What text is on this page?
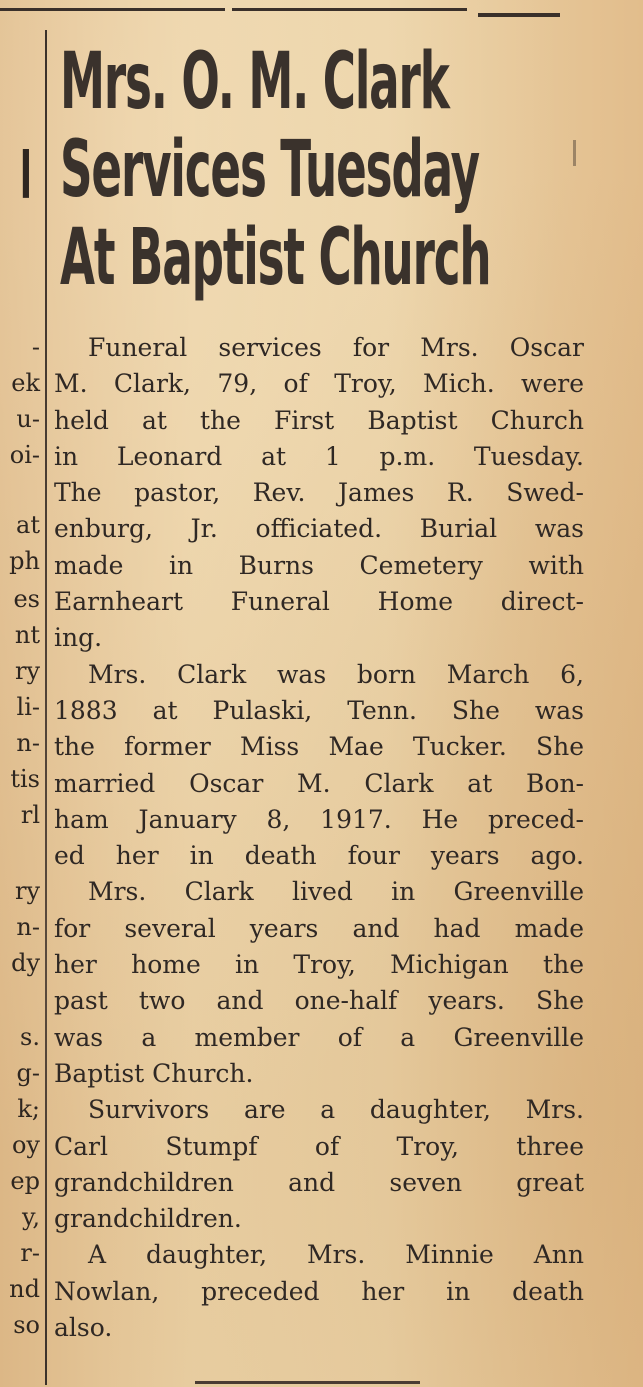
l
-
ek
u-
oi-
at
ph
es
nt
ry
li-
n-
tis
rl
ry
n-
dy
s.
g-
k;
oy
ep
y,
r-
nd
so
Mrs. O. M. Clark
Services Tuesday
At Baptist Church
Funeral services for Mrs. Oscar
M. Clark, 79, of Troy, Mich. were
held at the First Baptist Church
in Leonard at 1 p.m. Tuesday.
The pastor, Rev. James R. Swed-
enburg, Jr. officiated. Burial was
made in Burns Cemetery with
Earnheart Funeral Home direct-
ing.
Mrs. Clark was born March 6,
1883 at Pulaski, Tenn. She was
the former Miss Mae Tucker. She
married Oscar M. Clark at Bon-
ham January 8, 1917. He preced-
ed her in death four years ago.
Mrs. Clark lived in Greenville
for several years and had made
her home in Troy, Michigan the
past two and one-half years. She
was a member of a Greenville
Baptist Church.
Survivors are a daughter, Mrs.
Carl Stumpf of Troy, three
grandchildren and seven great
grandchildren.
A daughter, Mrs. Minnie Ann
Nowlan, preceded her in death
also.
